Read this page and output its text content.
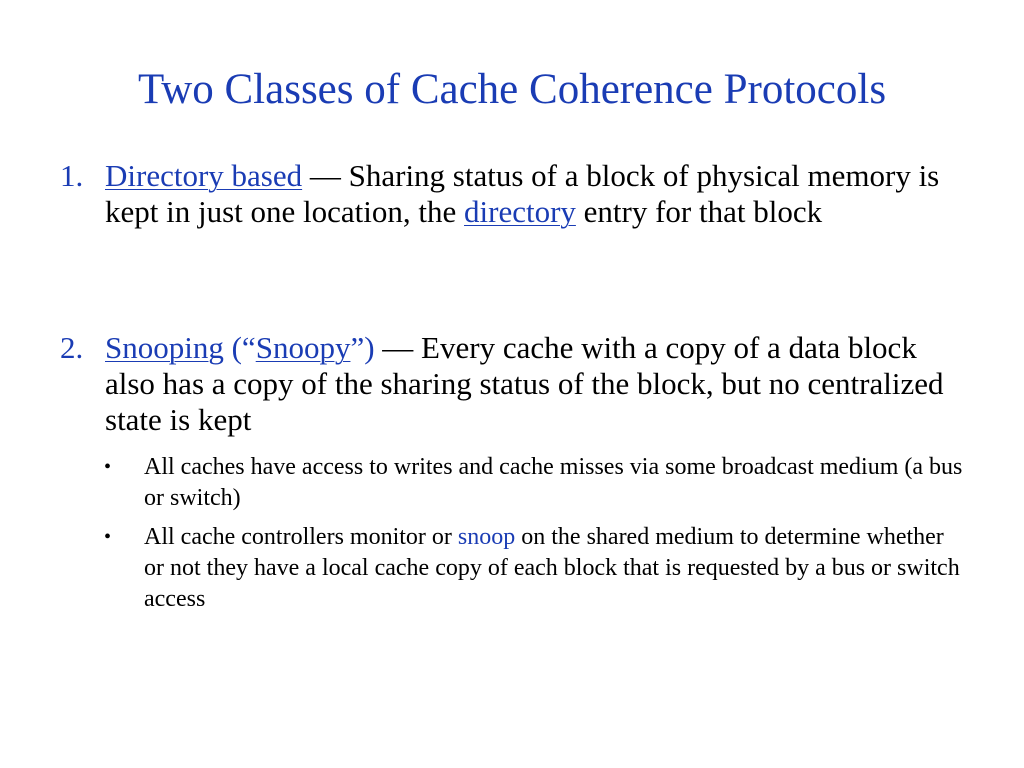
Two Classes of Cache Coherence Protocols
1. Directory based — Sharing status of a block of physical memory is kept in just one location, the directory entry for that block
2. Snooping (“Snoopy”) — Every cache with a copy of a data block also has a copy of the sharing status of the block, but no centralized state is kept
•	All caches have access to writes and cache misses via some broadcast medium (a bus or switch)
•	All cache controllers monitor or snoop on the shared medium to determine whether or not they have a local cache copy of each block that is requested by a bus or switch access
